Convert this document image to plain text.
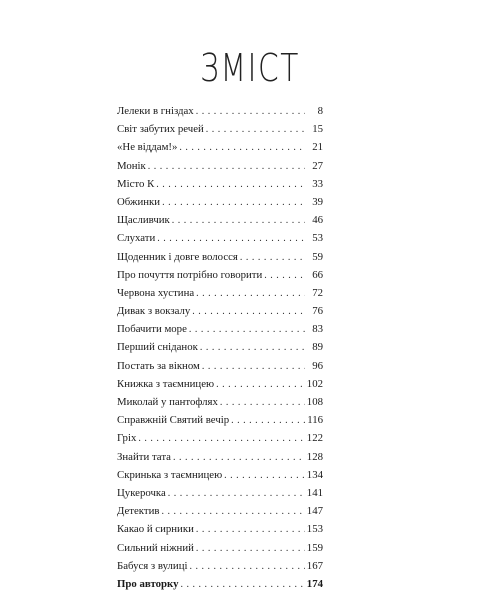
ЗМІСТ
Лелеки в гніздах . . .	8
Світ забутих речей . . .	15
«Не віддам!» . . .	21
Монік . . .	27
Місто К . . .	33
Обжинки . . .	39
Щасливчик . . .	46
Слухати . . .	53
Щоденник і довге волосся . . .	59
Про почуття потрібно говорити . . .	66
Червона хустина . . .	72
Дивак з вокзалу . . .	76
Побачити море . . .	83
Перший сніданок . . .	89
Постать за вікном . . .	96
Книжка з таємницею . . .	102
Миколай у пантофлях . . .	108
Справжній Святий вечір . . .	116
Гріх . . .	122
Знайти тата . . .	128
Скринька з таємницею . . .	134
Цукерочка . . .	141
Детектив . . .	147
Какао й сирники . . .	153
Сильний ніжний . . .	159
Бабуся з вулиці . . .	167
Про авторку . . .	174
